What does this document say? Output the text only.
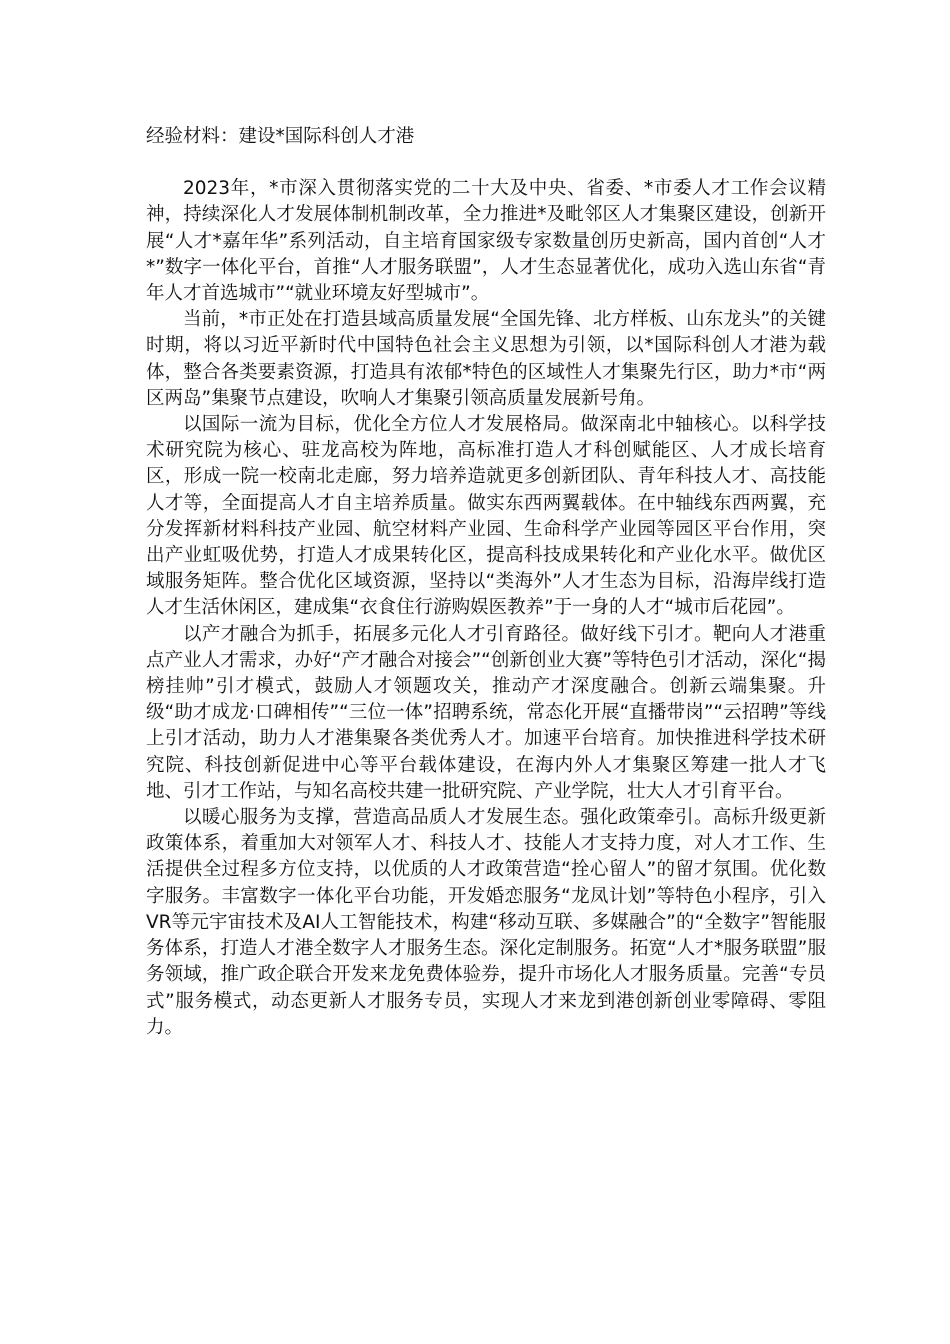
经验材料：建设*国际科创人才港

2023年，*市深入贯彻落实党的二十大及中央、省委、*市委人才工作会议精神，持续深化人才发展体制机制改革，全力推进*及毗邻区人才集聚区建设，创新开展“人才*嘉年华”系列活动，自主培育国家级专家数量创历史新高，国内首创“人才*”数字一体化平台，首推“人才服务联盟”，人才生态显著优化，成功入选山东省“青年人才首选城市”“就业环境友好型城市”。

当前，*市正处在打造县域高质量发展“全国先锋、北方样板、山东龙头”的关键时期，将以习近平新时代中国特色社会主义思想为引领，以*国际科创人才港为载体，整合各类要素资源，打造具有浓郁*特色的区域性人才集聚先行区，助力*市“两区两岛”集聚节点建设，吹响人才集聚引领高质量发展新号角。

以国际一流为目标，优化全方位人才发展格局。做深南北中轴核心。以科学技术研究院为核心、驻龙高校为阵地，高标准打造人才科创赋能区、人才成长培育区，形成一院一校南北走廊，努力培养造就更多创新团队、青年科技人才、高技能人才等，全面提高人才自主培养质量。做实东西两翼载体。在中轴线东西两翼，充分发挥新材料科技产业园、航空材料产业园、生命科学产业园等园区平台作用，突出产业虹吸优势，打造人才成果转化区，提高科技成果转化和产业化水平。做优区域服务矩阵。整合优化区域资源，坚持以“类海外”人才生态为目标，沿海岸线打造人才生活休闲区，建成集“衣食住行游购娱医教养”于一身的人才“城市后花园”。

以产才融合为抓手，拓展多元化人才引育路径。做好线下引才。靶向人才港重点产业人才需求，办好“产才融合对接会”“创新创业大赛”等特色引才活动，深化“揭榜挂帅”引才模式，鼓励人才领题攻关，推动产才深度融合。创新云端集聚。升级“助才成龙·口碑相传”“三位一体”招聘系统，常态化开展“直播带岗”“云招聘”等线上引才活动，助力人才港集聚各类优秀人才。加速平台培育。加快推进科学技术研究院、科技创新促进中心等平台载体建设，在海内外人才集聚区筹建一批人才飞地、引才工作站，与知名高校共建一批研究院、产业学院，壮大人才引育平台。

以暖心服务为支撑，营造高品质人才发展生态。强化政策牵引。高标升级更新政策体系，着重加大对领军人才、科技人才、技能人才支持力度，对人才工作、生活提供全过程多方位支持，以优质的人才政策营造“拴心留人”的留才氛围。优化数字服务。丰富数字一体化平台功能，开发婚恋服务“龙凤计划”等特色小程序，引入VR等元宇宙技术及AI人工智能技术，构建“移动互联、多媒融合”的“全数字”智能服务体系，打造人才港全数字人才服务生态。深化定制服务。拓宽“人才*服务联盟”服务领域，推广政企联合开发来龙免费体验券，提升市场化人才服务质量。完善“专员式”服务模式，动态更新人才服务专员，实现人才来龙到港创新创业零障碍、零阻力。
